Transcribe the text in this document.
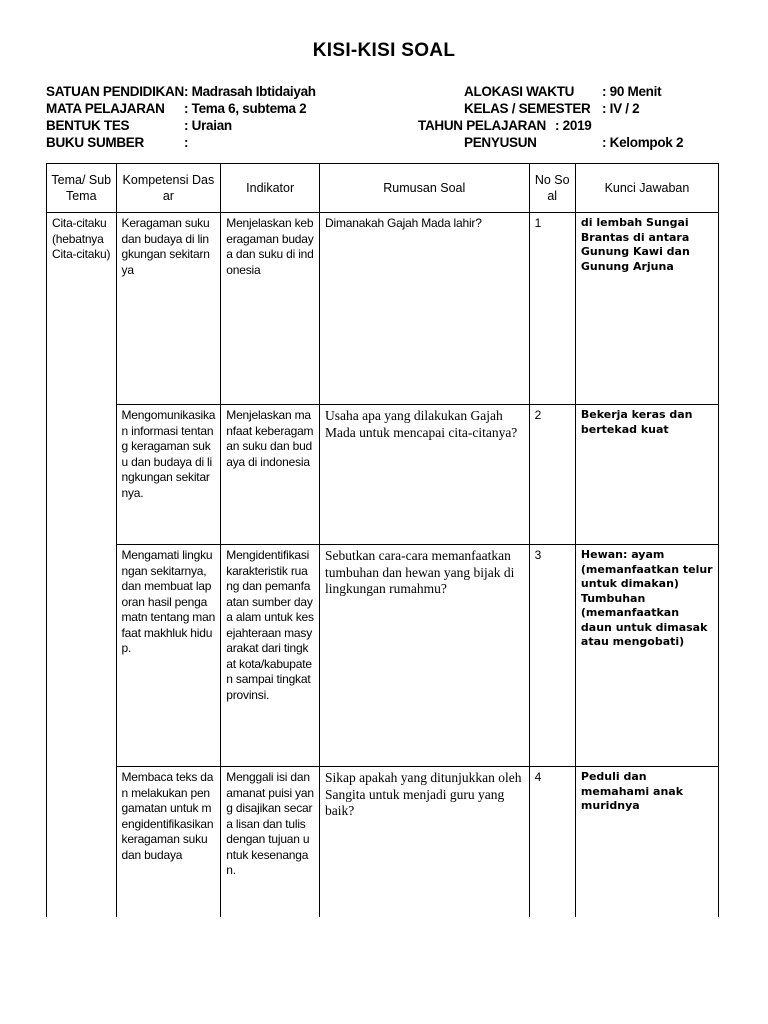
KISI-KISI SOAL
SATUAN PENDIDIKAN : Madrasah Ibtidaiyah
MATA PELAJARAN : Tema 6, subtema 2
BENTUK TES	: Uraian
BUKU SUMBER	:
ALOKASI WAKTU : 90 Menit
KELAS / SEMESTER : IV / 2
TAHUN PELAJARAN : 2019
PENYUSUN	: Kelompok 2
Tema/ Sub Tema	Kompetensi Dasar	Indikator	Rumusan Soal	No Soal	Kunci Jawaban
Cita-citaku (hebatnya Cita-citaku)	Keragaman suku dan budaya di lingkungan sekitarnya	Menjelaskan keberagaman budaya dan suku di indonesia	Dimanakah Gajah Mada lahir?	1	di lembah Sungai Brantas di antara Gunung Kawi dan Gunung Arjuna
	Mengomunikasikan informasi tentang keragaman suku dan budaya di lingkungan sekitarnya.	Menjelaskan manfaat keberagaman suku dan budaya di indonesia	Usaha apa yang dilakukan Gajah Mada untuk mencapai cita-citanya?	2	Bekerja keras dan bertekad kuat
	Mengamati lingkungan sekitarnya, dan membuat laporan hasil pengamatn tentang manfaat makhluk hidup.	Mengidentifikasi karakteristik ruang dan pemanfaatan sumber daya alam untuk kesejahteraan masyarakat dari tingkat kota/kabupaten sampai tingkat provinsi.	Sebutkan cara-cara memanfaatkan tumbuhan dan hewan yang bijak di lingkungan rumahmu?	3	Hewan: ayam (memanfaatkan telur untuk dimakan) Tumbuhan (memanfaatkan daun untuk dimasak atau mengobati)
	Membaca teks dan melakukan pengamatan untuk mengidentifikasikan keragaman suku dan budaya	Menggali isi dan amanat puisi yang disajikan secara lisan dan tulis dengan tujuan untuk kesenangan.	Sikap apakah yang ditunjukkan oleh Sangita untuk menjadi guru yang baik?	4	Peduli dan memahami anak muridnya
